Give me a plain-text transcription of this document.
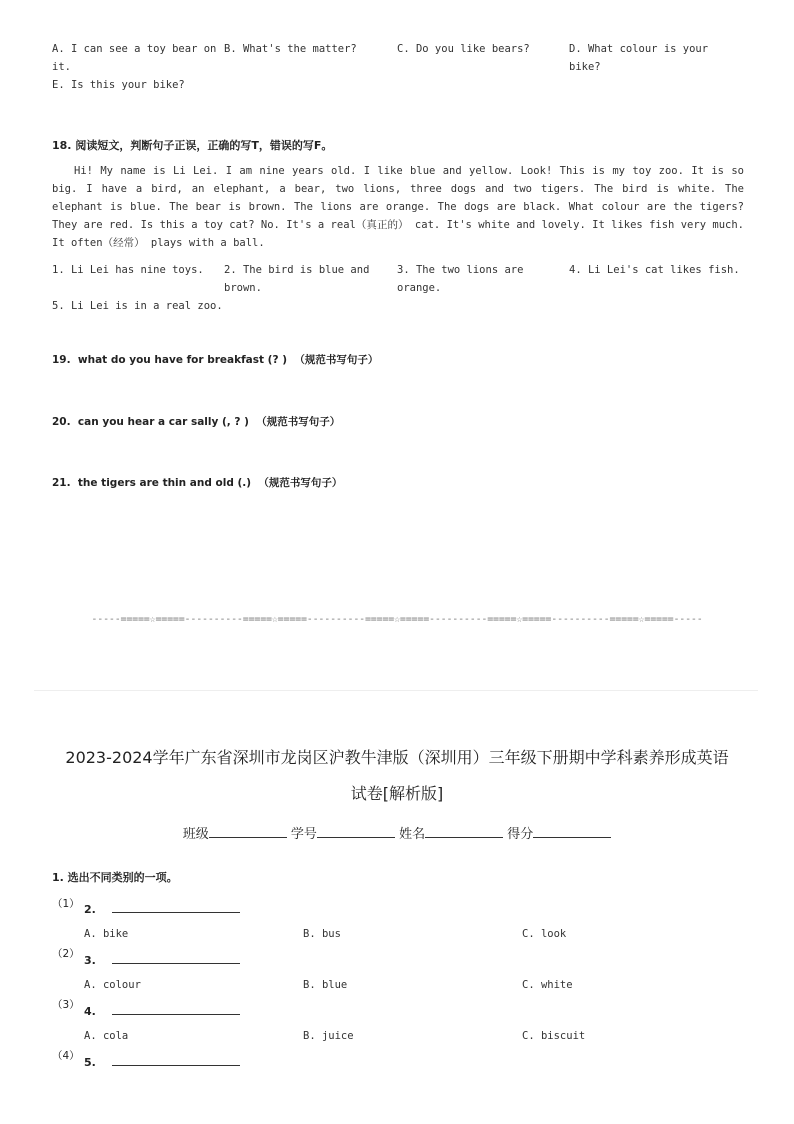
A. I can see a toy bear on
it.
B. What's the matter?	C. Do you like bears?	D. What colour is your
bike?
E. Is this your bike?
18. 阅读短文，判断句子正误，正确的写T，错误的写F。
Hi! My name is Li Lei. I am nine years old. I like blue and yellow. Look! This is my toy zoo. It is so big. I have a bird, an elephant, a bear, two lions, three dogs and two tigers. The bird is white. The elephant is blue. The bear is brown. The lions are orange. The dogs are black. What colour are the tigers? They are red. Is this a toy cat? No. It's a real（真正的） cat. It's white and lovely. It likes fish very much. It often（经常） plays with a ball.
1. Li Lei has nine toys.	2. The bird is blue and
brown.
3. The two lions are
orange.
4. Li Lei's cat likes fish.
5. Li Lei is in a real zoo.
19.  what do you have for breakfast (? )  （规范书写句子）
20.  can you hear a car sally (, ? )  （规范书写句子）
21.  the tigers are thin and old (.)  （规范书写句子）
-----=====☆=====----------=====☆=====----------=====☆=====----------=====☆=====----------=====☆=====-----
2023-2024学年广东省深圳市龙岗区沪教牛津版（深圳用）三年级下册期中学科素养形成英语
试卷[解析版]
班级	学号	姓名	得分
1. 选出不同类别的一项。
（1） 2.
A. bike	B. bus	C. look
（2） 3.
A. colour	B. blue	C. white
（3） 4.
A. cola	B. juice	C. biscuit
（4） 5.
